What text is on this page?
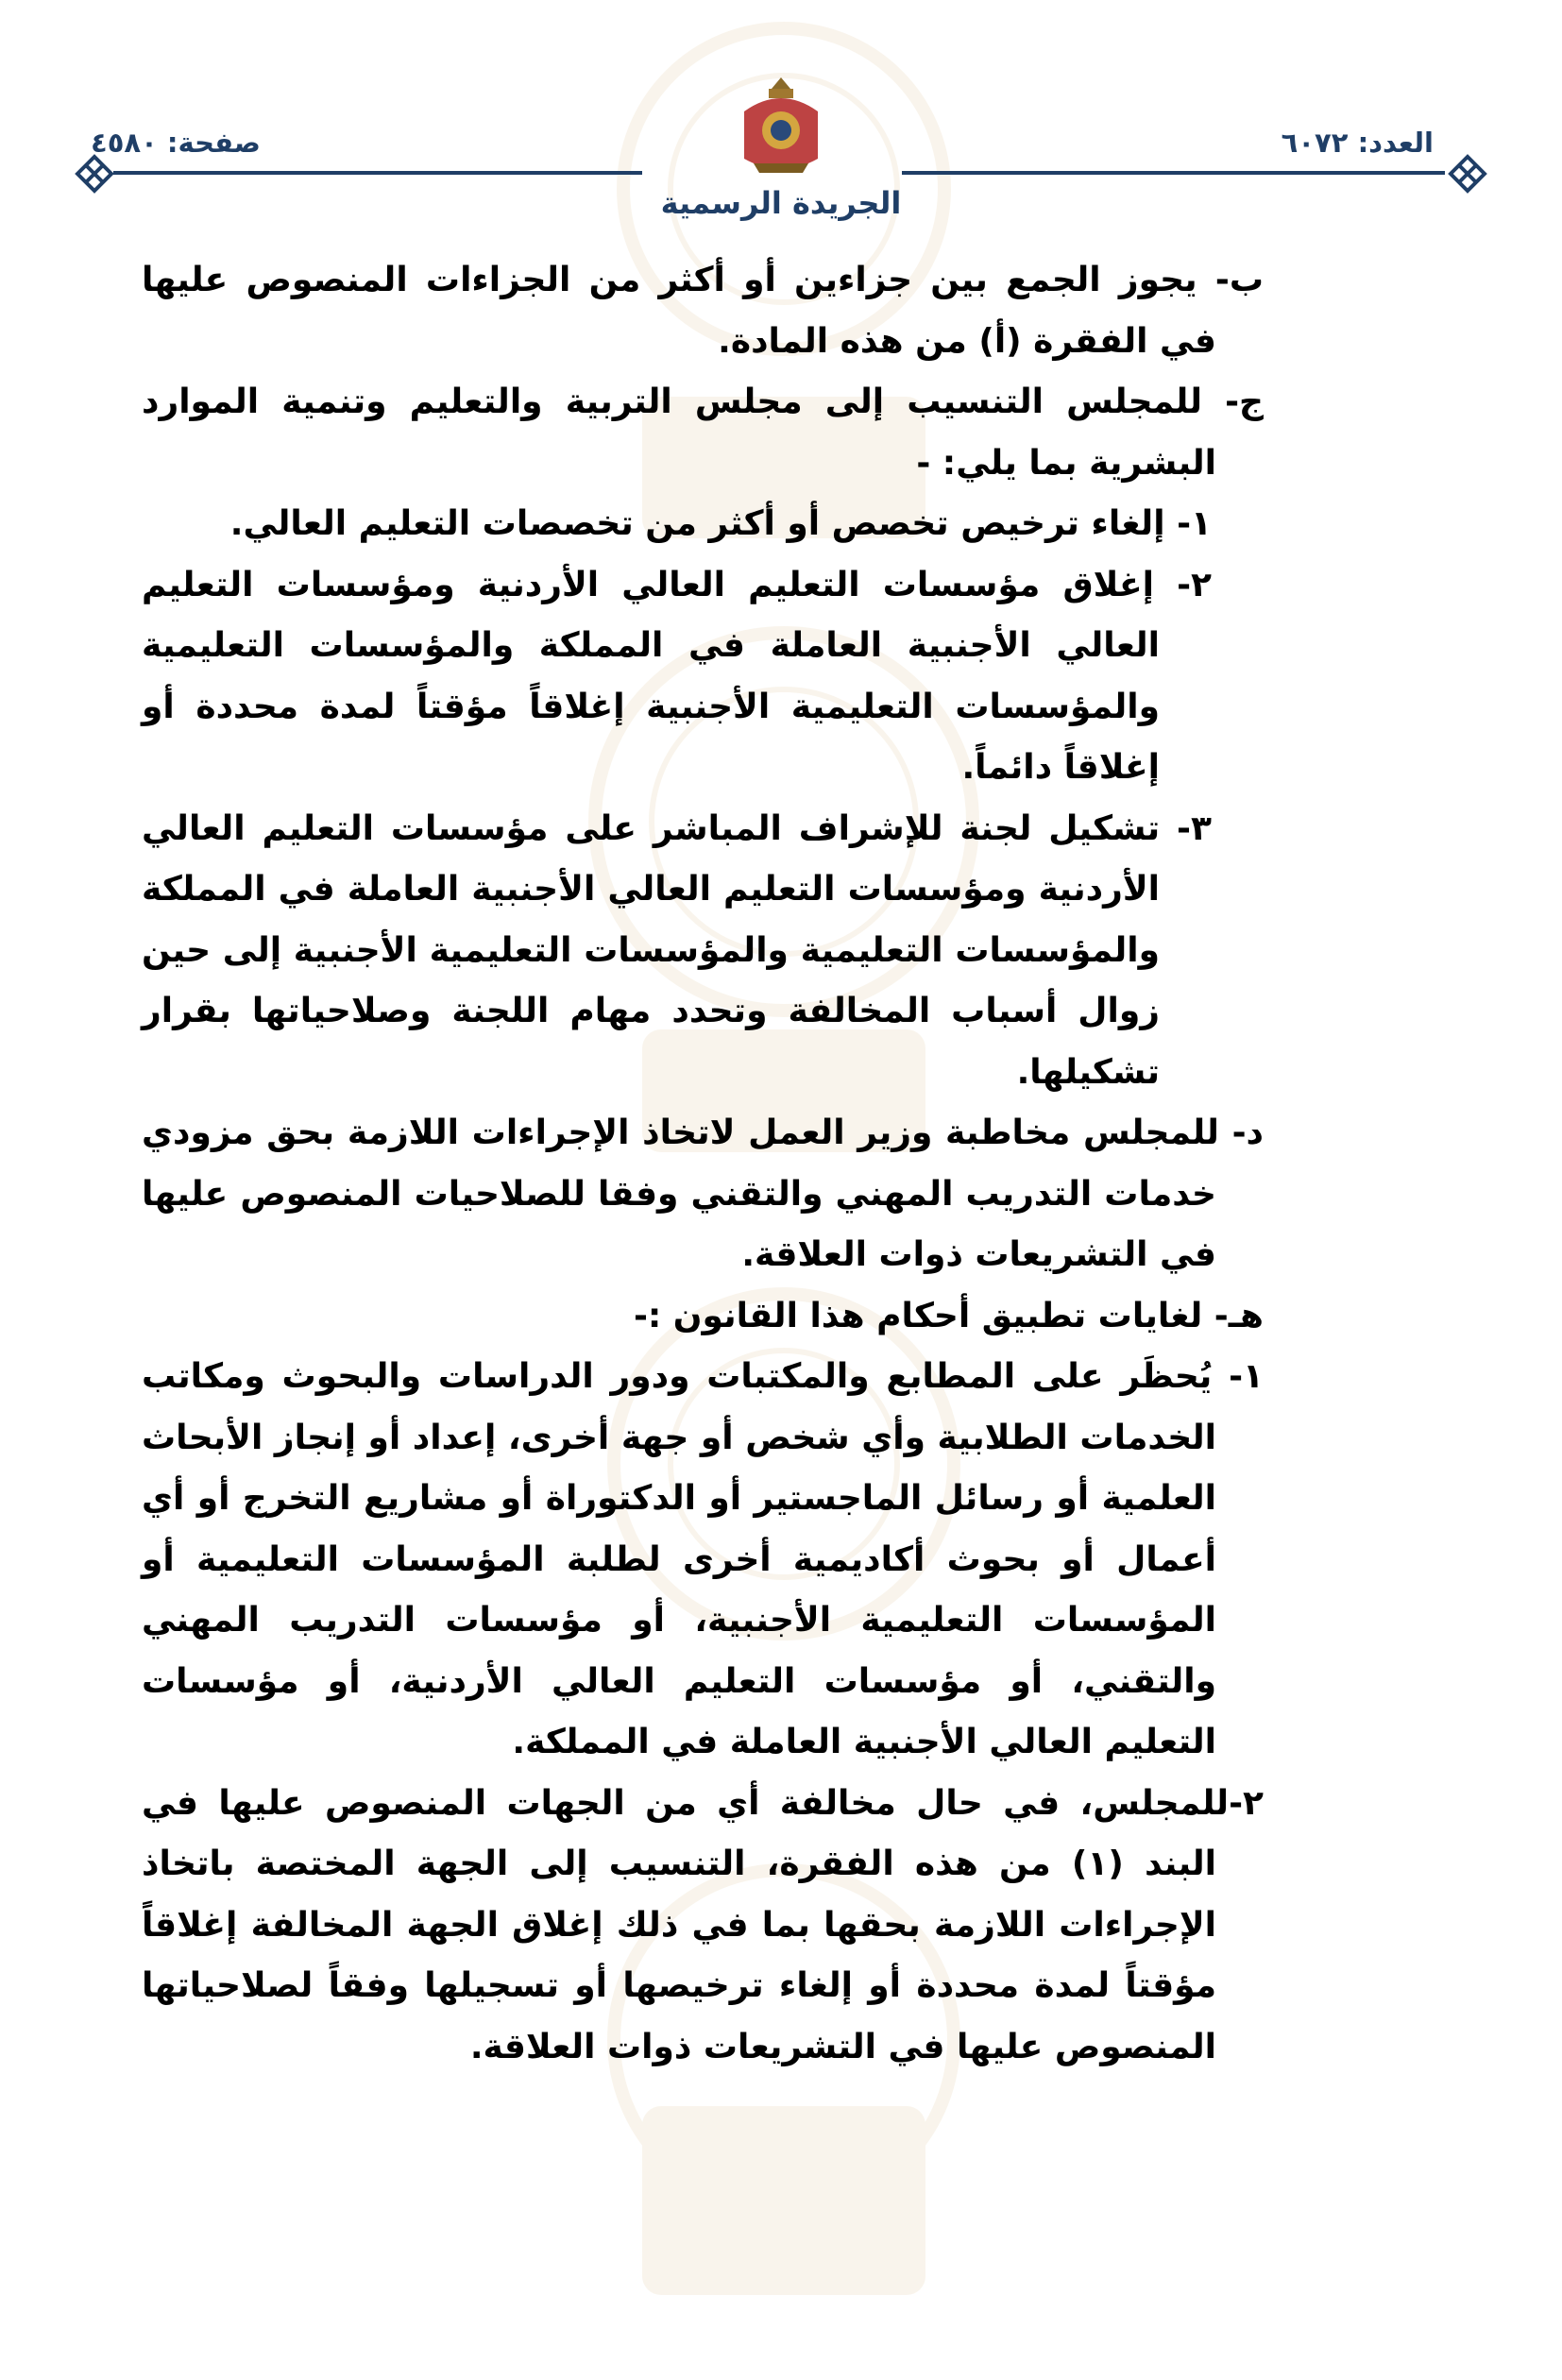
العدد: ٦٠٧٢
صفحة: ٤٥٨٠
الجريدة الرسمية

ب- يجوز الجمع بين جزاءين أو أكثر من الجزاءات المنصوص عليها في الفقرة (أ) من هذه المادة.

ج- للمجلس التنسيب إلى مجلس التربية والتعليم وتنمية الموارد البشرية بما يلي: -

١- إلغاء ترخيص تخصص أو أكثر من تخصصات التعليم العالي.

٢- إغلاق مؤسسات التعليم العالي الأردنية ومؤسسات التعليم العالي الأجنبية العاملة في المملكة والمؤسسات التعليمية والمؤسسات التعليمية الأجنبية إغلاقاً مؤقتاً لمدة محددة أو إغلاقاً دائماً.

٣- تشكيل لجنة للإشراف المباشر على مؤسسات التعليم العالي الأردنية ومؤسسات التعليم العالي الأجنبية العاملة في المملكة والمؤسسات التعليمية والمؤسسات التعليمية الأجنبية إلى حين زوال أسباب المخالفة وتحدد مهام اللجنة وصلاحياتها بقرار تشكيلها.

د- للمجلس مخاطبة وزير العمل لاتخاذ الإجراءات اللازمة بحق مزودي خدمات التدريب المهني والتقني وفقا للصلاحيات المنصوص عليها في التشريعات ذوات العلاقة.

هـ- لغايات تطبيق أحكام هذا القانون :-

١- يُحظَر على المطابع والمكتبات ودور الدراسات والبحوث ومكاتب الخدمات الطلابية وأي شخص أو جهة أخرى، إعداد أو إنجاز الأبحاث العلمية أو رسائل الماجستير أو الدكتوراة أو مشاريع التخرج أو أي أعمال أو بحوث أكاديمية أخرى لطلبة المؤسسات التعليمية أو المؤسسات التعليمية الأجنبية، أو مؤسسات التدريب المهني والتقني، أو مؤسسات التعليم العالي الأردنية، أو مؤسسات التعليم العالي الأجنبية العاملة في المملكة.

٢-للمجلس، في حال مخالفة أي من الجهات المنصوص عليها في البند (١) من هذه الفقرة، التنسيب إلى الجهة المختصة باتخاذ الإجراءات اللازمة بحقها بما في ذلك إغلاق الجهة المخالفة إغلاقاً مؤقتاً لمدة محددة أو إلغاء ترخيصها أو تسجيلها وفقاً لصلاحياتها المنصوص عليها في التشريعات ذوات العلاقة.
